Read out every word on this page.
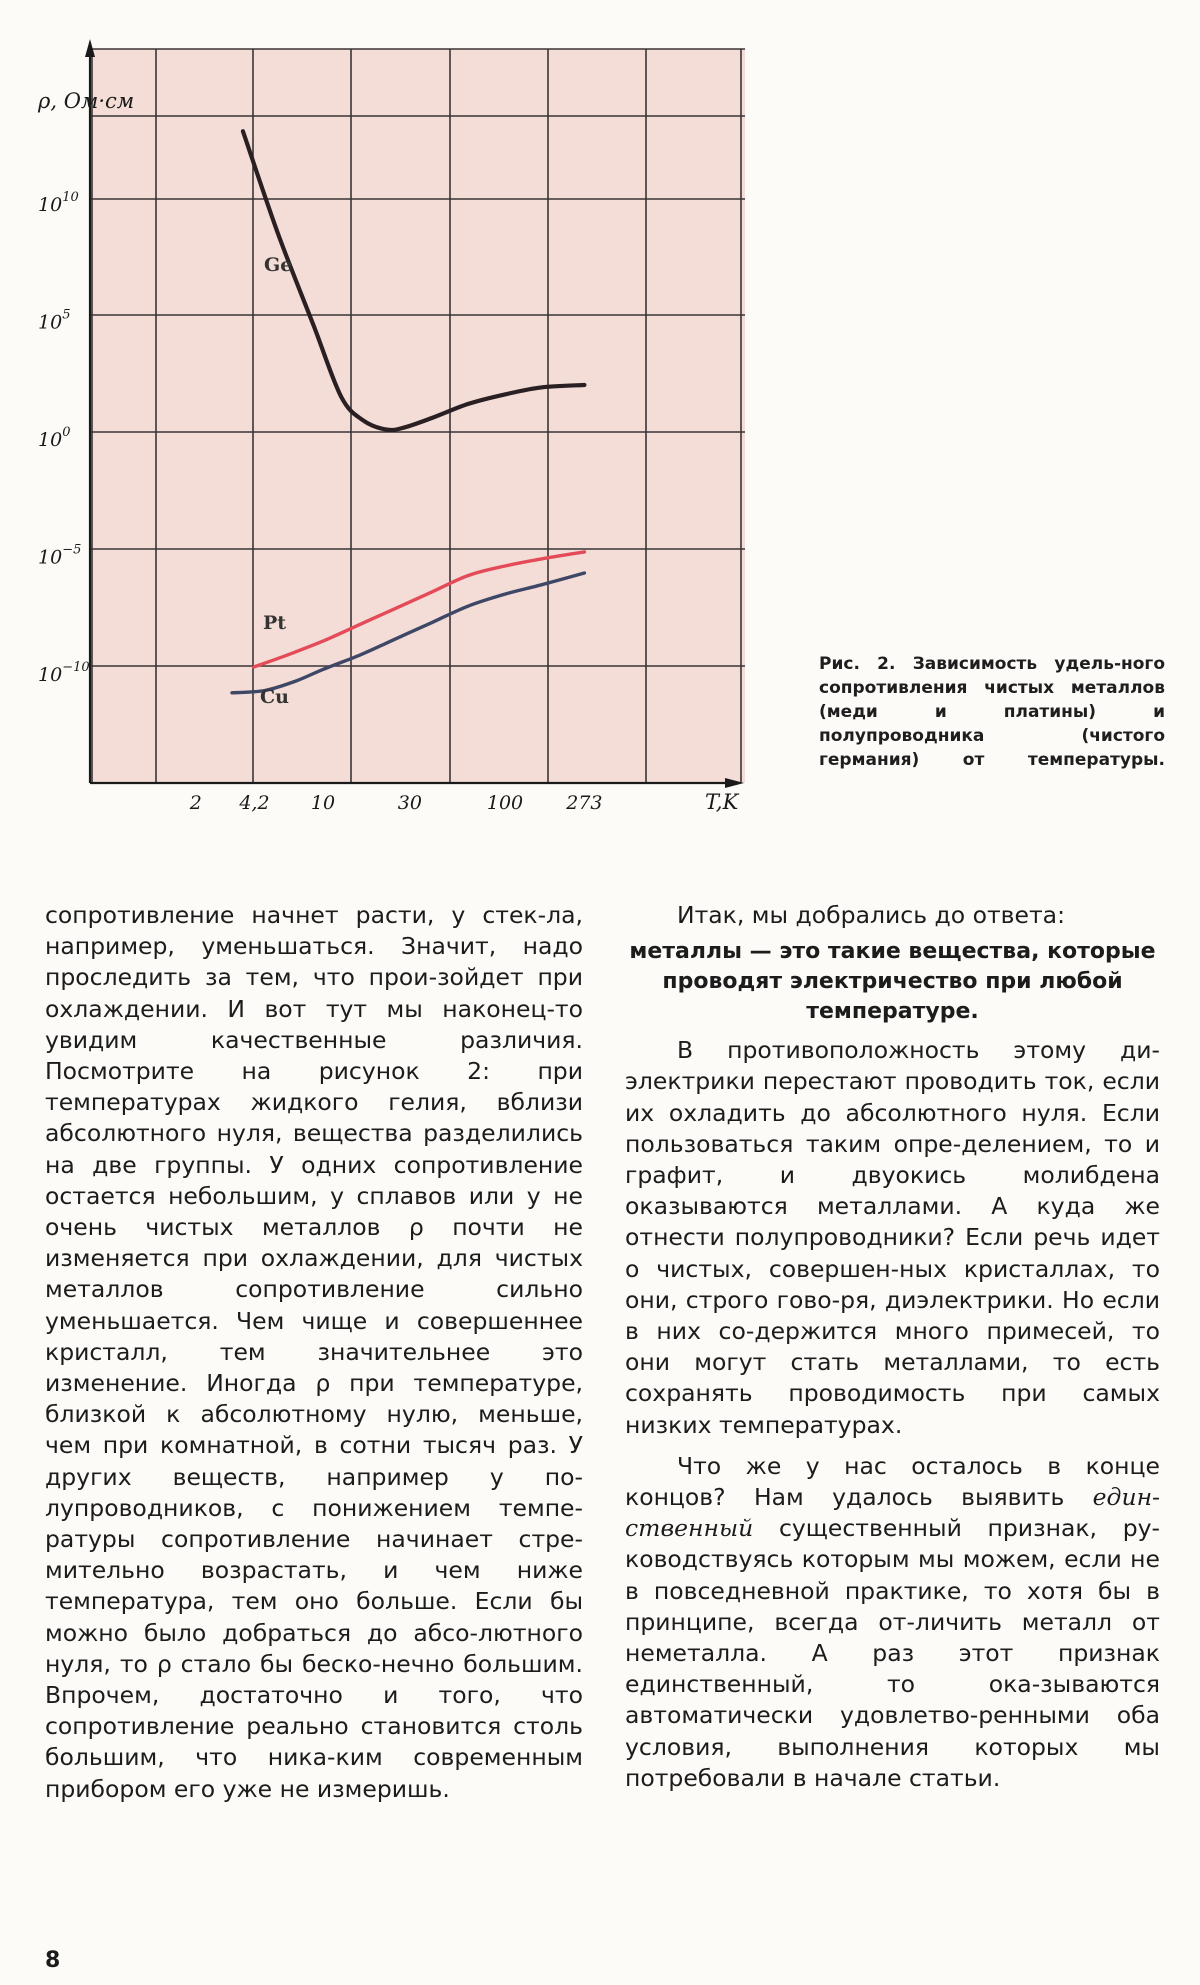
ρ, Ом·см
T,K
$10^{10}$
$10^5$
$10^0$
$10^{-5}$
$10^{-10}$
2 4,2 10	30	100 273
Ge
Pt
Cu

Рис. 2. Зависимость удель-ного сопротивления чистых металлов (меди и платины) и полупроводника (чистого германия) от температуры.

сопротивление начнет расти, у стек-ла, например, уменьшаться. Значит, надо проследить за тем, что прои-зойдет при охлаждении. И вот тут мы наконец-то увидим качественные различия. Посмотрите на рисунок 2: при температурах жидкого гелия, вблизи абсолютного нуля, вещества разделились на две группы. У одних сопротивление остается небольшим, у сплавов или у не очень чистых металлов ρ почти не изменяется при охлаждении, для чистых металлов сопротивление сильно уменьшается. Чем чище и совершеннее кристалл, тем значительнее это изменение. Иногда ρ при температуре, близкой к абсолютному нулю, меньше, чем при комнатной, в сотни тысяч раз. У других веществ, например у по-лупроводников, с понижением темпе-ратуры сопротивление начинает стре-мительно возрастать, и чем ниже температура, тем оно больше. Если бы можно было добраться до абсо-лютного нуля, то ρ стало бы беско-нечно большим. Впрочем, достаточно и того, что сопротивление реально становится столь большим, что ника-ким современным прибором его уже не измеришь.

Итак, мы добрались до ответа:

металлы — это такие вещества, которые проводят электричество при любой температуре.

В противоположность этому ди-электрики перестают проводить ток, если их охладить до абсолютного нуля. Если пользоваться таким опре-делением, то и графит, и двуокись молибдена оказываются металлами. А куда же отнести полупроводники? Если речь идет о чистых, совершен-ных кристаллах, то они, строго гово-ря, диэлектрики. Но если в них со-держится много примесей, то они могут стать металлами, то есть сохранять проводимость при самых низких температурах.

Что же у нас осталось в конце концов? Нам удалось выявить един-ственный существенный признак, ру-ководствуясь которым мы можем, если не в повседневной практике, то хотя бы в принципе, всегда от-личить металл от неметалла. А раз этот признак единственный, то ока-зываются автоматически удовлетво-ренными оба условия, выполнения которых мы потребовали в начале статьи.

8
